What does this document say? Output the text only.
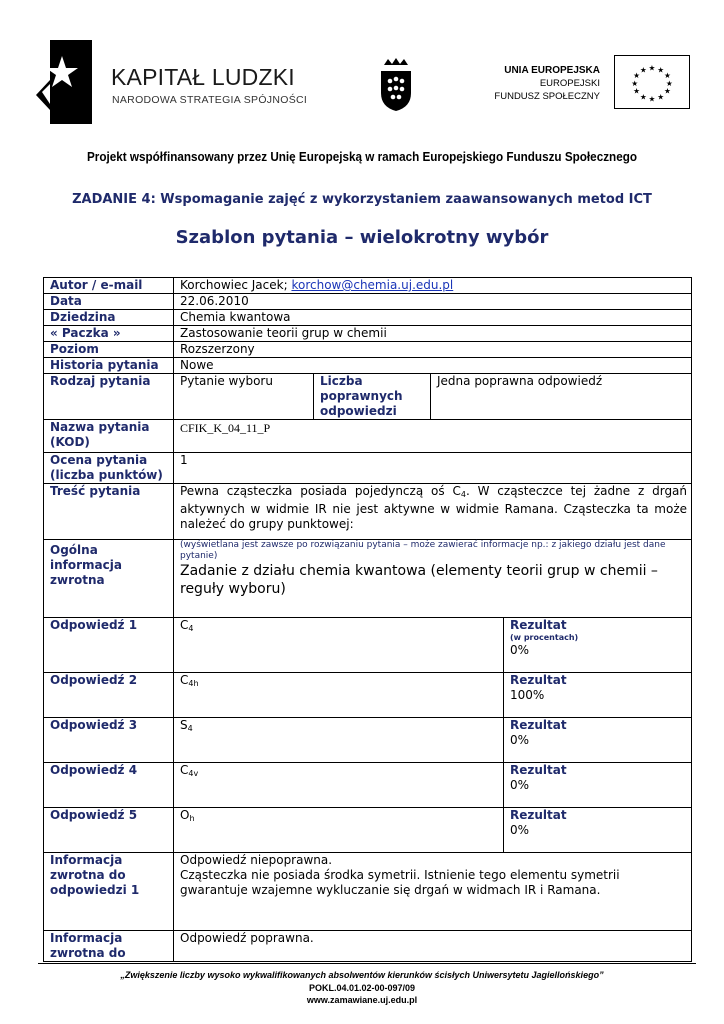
KAPITAŁ LUDZKI
NARODOWA STRATEGIA SPÓJNOŚCI
UNIA EUROPEJSKA
EUROPEJSKI
FUNDUSZ SPOŁECZNY
★ ★
★
★
★
★
★
★
★
★
★
★
Projekt współfinansowany przez Unię Europejską w ramach Europejskiego Funduszu Społecznego
ZADANIE 4: Wspomaganie zajęć z wykorzystaniem zaawansowanych metod ICT
Szablon pytania – wielokrotny wybór
Autor / e-mail	Korchowiec Jacek; korchow@chemia.uj.edu.pl			
Data	22.06.2010			
Dziedzina	Chemia kwantowa			
« Paczka »	Zastosowanie teorii grup w chemii			
Poziom	Rozszerzony			
Historia pytania	Nowe			
Rodzaj pytania	Pytanie wyboru	Liczba poprawnych odpowiedzi	Jedna poprawna odpowiedź	
Nazwa pytania (KOD)	CFIK_K_04_11_P			
Ocena pytania (liczba punktów)	1			
Treść pytania	Pewna cząsteczka posiada pojedynczą oś $C_4$. W cząsteczce tej żadne z drgań aktywnych w widmie IR nie jest aktywne w widmie Ramana. Cząsteczka ta może należeć do grupy punktowej:			
Ogólna informacja zwrotna	(wyświetlana jest zawsze po rozwiązaniu pytania – może zawierać informacje np.: z jakiego działu jest dane pytanie)
Zadanie z działu chemia kwantowa (elementy teorii grup w chemii – reguły wyboru)			

Odpowiedź 1	$C_4$			Rezultat
(w procentach)
0%

Odpowiedź 2	$C_{4h}$			Rezultat
100%

Odpowiedź 3	$S_4$			Rezultat
0%

Odpowiedź 4	$C_{4v}$			Rezultat
0%

Odpowiedź 5	$O_h$			Rezultat
0%

Informacja zwrotna do odpowiedzi 1	Odpowiedź niepoprawna.
Cząsteczka nie posiada środka symetrii. Istnienie tego elementu symetrii gwarantuje wzajemne wykluczanie się drgań w widmach IR i Ramana.			

Informacja zwrotna do	Odpowiedź poprawna.			
„Zwiększenie liczby wysoko wykwalifikowanych absolwentów kierunków ścisłych Uniwersytetu Jagiellońskiego”
POKL.04.01.02-00-097/09
www.zamawiane.uj.edu.pl
